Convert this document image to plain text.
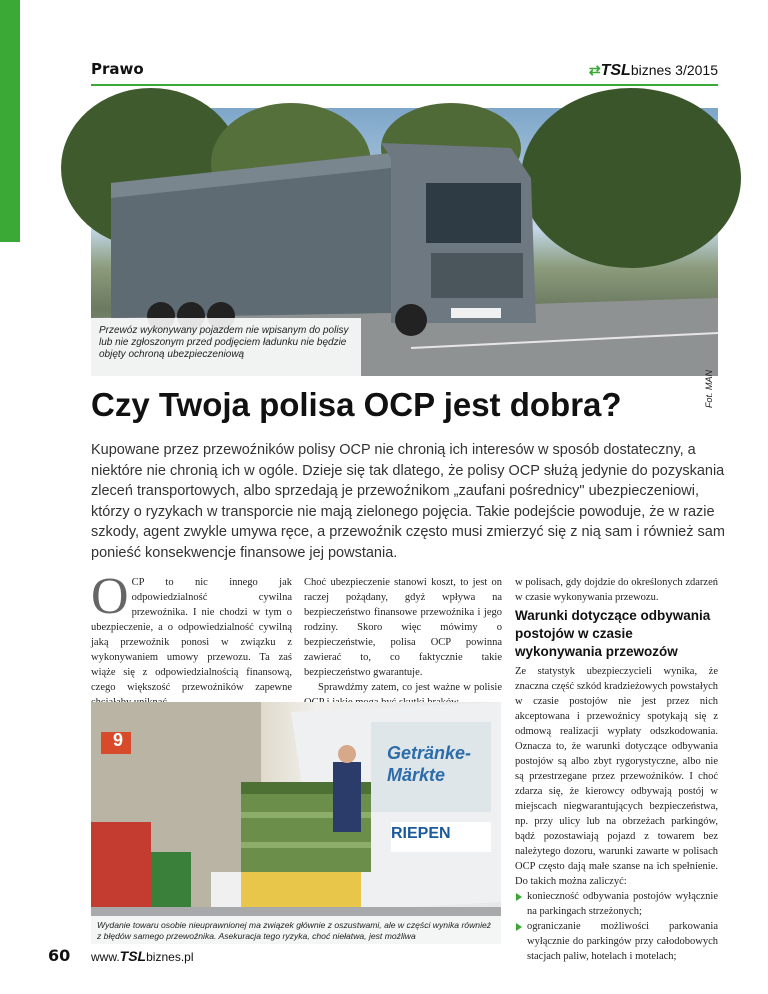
Prawo	⇄TSLbiznes 3/2015
Przewóz wykonywany pojazdem nie wpisanym do polisy lub nie zgłoszonym przed podjęciem ładunku nie będzie objęty ochroną ubezpieczeniową
Fot. MAN
Czy Twoja polisa OCP jest dobra?

Kupowane przez przewoźników polisy OCP nie chronią ich interesów w sposób dostateczny, a niektóre nie chronią ich w ogóle. Dzieje się tak dlatego, że polisy OCP służą jedynie do pozyskania zleceń transportowych, albo sprzedają je przewoźnikom „zaufani pośrednicy" ubezpieczeniowi, którzy o ryzykach w transporcie nie mają zielonego pojęcia. Takie podejście powoduje, że w razie szkody, agent zwykle umywa ręce, a przewoźnik często musi zmierzyć się z nią sam i również sam ponieść konsekwencje finansowe jej powstania.

OCP to nic innego jak odpowiedzialność cywilna przewoźnika. I nie chodzi w tym o ubezpieczenie, a o odpowiedzialność cywilną jaką przewoźnik ponosi w związku z wykonywaniem umowy przewozu. Ta zaś wiąże się z odpowiedzialnością finansową, czego większość przewoźników zapewne

Choć ubezpieczenie stanowi koszt, to jest on raczej pożądany, gdyż wpływa na bezpieczeństwo finansowe przewoźnika i jego rodziny. Skoro więc mówimy o bezpieczeństwie, polisa OCP powinna zawierać to, co faktycznie takie bezpieczeństwo gwarantuje.

Sprawdźmy zatem, co jest ważne w polisie

w polisach, gdy dojdzie do określonych zdarzeń w czasie wykonywania przewozu.

Warunki dotyczące odbywania postojów w czasie wykonywania przewozów

Ze statystyk ubezpieczycieli wynika, że znaczna część szkód kradzieżowych powstałych w czasie postojów nie jest przez nich akceptowana i przewoźnicy spotykają się z odmową realizacji wypłaty odszkodowania. Oznacza to, że warunki dotyczące odbywania postojów są albo zbyt rygorystyczne, albo nie są przestrzegane przez przewoźników. I choć zdarza się, że kierowcy odbywają postój w miejscach niegwarantujących bezpieczeństwa, np. przy ulicy lub na obrzeżach parkingów, bądź pozostawiają pojazd z towarem bez należytego dozoru, warunki zawarte w polisach OCP często dają małe szanse na ich spełnienie. Do takich można zaliczyć:

konieczność odbywania postojów wyłącznie na parkingach strzeżonych;
ograniczanie możliwości parkowania wyłącznie do parkingów przy całodobowych stacjach paliw, hotelach i motelach;
9
RIEPEN
Getränke-Märkte
Wydanie towaru osobie nieuprawnionej ma związek głównie z oszustwami, ale w części wynika również z błędów samego przewoźnika. Asekuracja tego ryzyka, choć niełatwa, jest możliwa
60 www.TSLbiznes.pl
